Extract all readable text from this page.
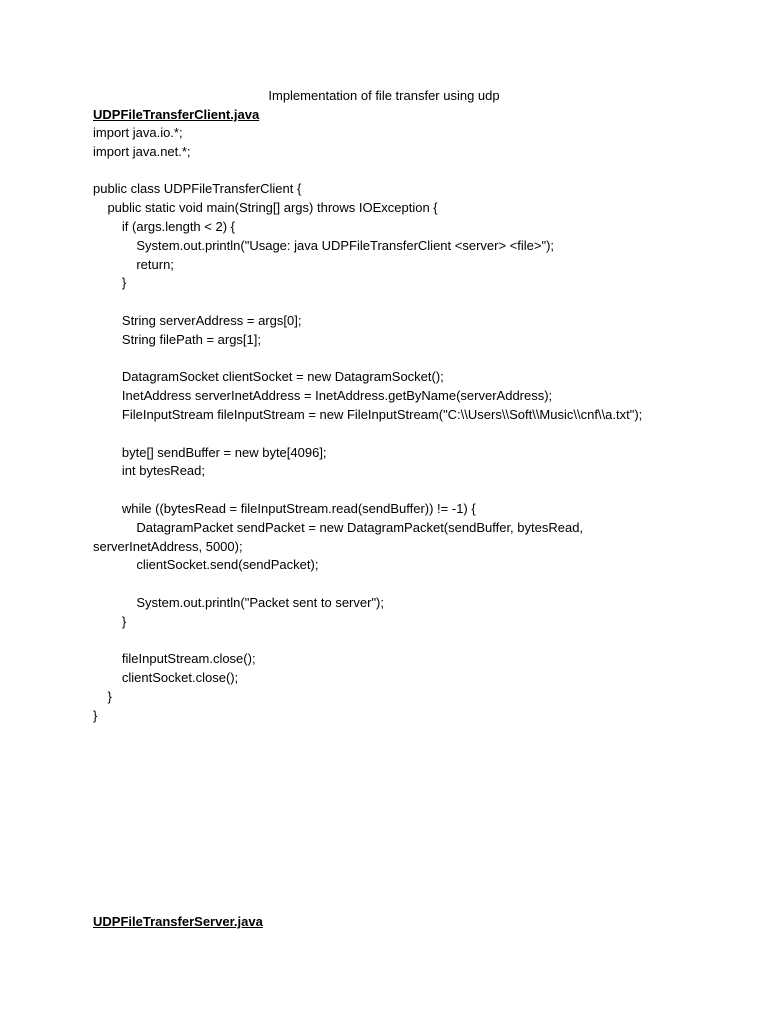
Implementation of file transfer using udp
UDPFileTransferClient.java
import java.io.*;
import java.net.*;
public class UDPFileTransferClient {
public static void main(String[] args) throws IOException {
if (args.length < 2) {
System.out.println("Usage: java UDPFileTransferClient <server> <file>");
return;
}
String serverAddress = args[0];
String filePath = args[1];
DatagramSocket clientSocket = new DatagramSocket();
InetAddress serverInetAddress = InetAddress.getByName(serverAddress);
FileInputStream fileInputStream = new FileInputStream("C:\\Users\\Soft\\Music\\cnf\\a.txt");
byte[] sendBuffer = new byte[4096];
int bytesRead;
while ((bytesRead = fileInputStream.read(sendBuffer)) != -1) {
DatagramPacket sendPacket = new DatagramPacket(sendBuffer, bytesRead,
serverInetAddress, 5000);
clientSocket.send(sendPacket);
System.out.println("Packet sent to server");
}
fileInputStream.close();
clientSocket.close();
}
}
UDPFileTransferServer.java
